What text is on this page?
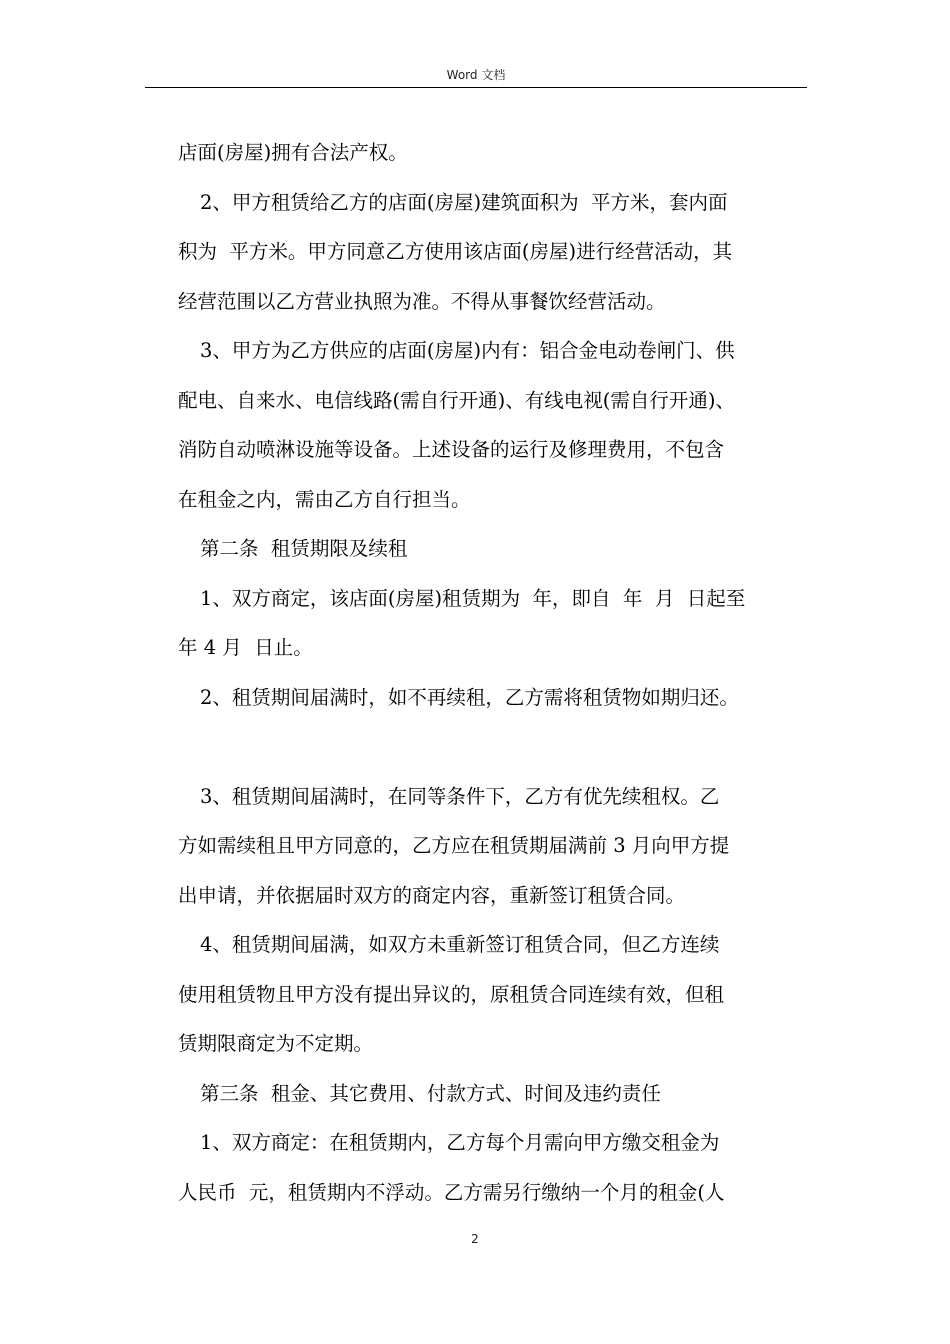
Word 文档
店面(房屋)拥有合法产权。
2、甲方租赁给乙方的店面(房屋)建筑面积为  平方米，套内面
积为  平方米。甲方同意乙方使用该店面(房屋)进行经营活动，其
经营范围以乙方营业执照为准。不得从事餐饮经营活动。
3、甲方为乙方供应的店面(房屋)内有：铝合金电动卷闸门、供
配电、自来水、电信线路(需自行开通)、有线电视(需自行开通)、
消防自动喷淋设施等设备。上述设备的运行及修理费用，不包含
在租金之内，需由乙方自行担当。
第二条  租赁期限及续租
1、双方商定，该店面(房屋)租赁期为  年，即自  年  月  日起至
年 4 月  日止。
2、租赁期间届满时，如不再续租，乙方需将租赁物如期归还。
3、租赁期间届满时，在同等条件下，乙方有优先续租权。乙
方如需续租且甲方同意的，乙方应在租赁期届满前 3 月向甲方提
出申请，并依据届时双方的商定内容，重新签订租赁合同。
4、租赁期间届满，如双方未重新签订租赁合同，但乙方连续
使用租赁物且甲方没有提出异议的，原租赁合同连续有效，但租
赁期限商定为不定期。
第三条  租金、其它费用、付款方式、时间及违约责任
1、双方商定：在租赁期内，乙方每个月需向甲方缴交租金为
人民币  元，租赁期内不浮动。乙方需另行缴纳一个月的租金(人
2
